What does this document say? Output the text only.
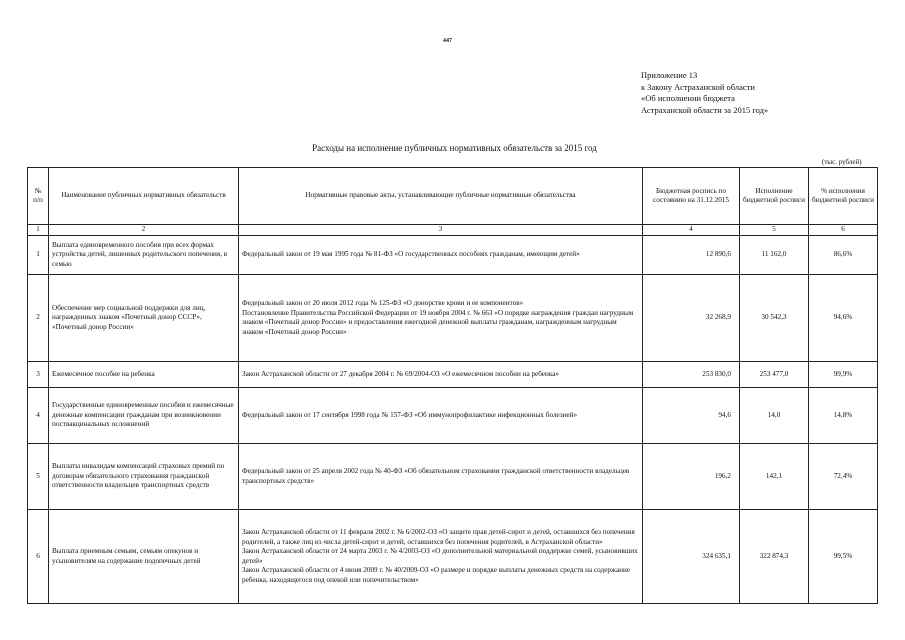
447
Приложение 13
к Закону Астраханской области
«Об исполнении бюджета
Астраханской области за 2015 год»
Расходы на исполнение публичных нормативных обязательств за 2015 год
(тыс. рублей)
№ п/п	Наименование публичных нормативных обязательств	Нормативные правовые акты, устанавливающие публичные нормативные обязательства	Бюджетная роспись по состоянию на 31.12.2015	Исполнение бюджетной росписи	% исполнения бюджетной росписи
1	2	3	4	5	6
1	Выплата единовременного пособия при всех формах устройства детей, лишенных родительского попечения, в семью	Федеральный закон от 19 мая 1995 года № 81-ФЗ «О государственных пособиях гражданам, имеющим детей»	12 890,6	11 162,0	86,6%
2	Обеспечение мер социальной поддержки для лиц, награжденных знаком «Почетный донор СССР», «Почетный донор России»	Федеральный закон от 20 июля 2012 года № 125-ФЗ «О донорстве крови и ее компонентов»
Постановление Правительства Российской Федерации от 19 ноября 2004 г. № 663 «О порядке награждения граждан нагрудным знаком «Почетный донор России» и предоставления ежегодной денежной выплаты гражданам, награжденным нагрудным знаком «Почетный донор России»	32 268,9	30 542,3	94,6%
3	Ежемесячное пособие на ребенка	Закон Астраханской области от 27 декабря 2004 г. № 69/2004-ОЗ «О ежемесячном пособии на ребенка»	253 830,0	253 477,0	99,9%
4	Государственные единовременные пособия и ежемесячные денежные компенсации гражданам при возникновении поствакцинальных осложнений	Федеральный закон от 17 сентября 1998 года № 157-ФЗ «Об иммунопрофилактике инфекционных болезней»	94,6	14,0	14,8%
5	Выплаты инвалидам компенсаций страховых премий по договорам обязательного страхования гражданской ответственности владельцев транспортных средств	Федеральный закон от 25 апреля 2002 года № 40-ФЗ «Об обязательном страховании гражданской ответственности владельцев транспортных средств»	196,2	142,1	72,4%
6	Выплата приемным семьям, семьям опекунов и усыновителям на содержание подопечных детей	Закон Астраханской области от 11 февраля 2002 г. № 6/2002-ОЗ «О защите прав детей-сирот и детей, оставшихся без попечения родителей, а также лиц из числа детей-сирот и детей, оставшихся без попечения родителей, в Астраханской области»
Закон Астраханской области от 24 марта 2003 г. № 4/2003-ОЗ «О дополнительной материальной поддержке семей, усыновивших детей»
Закон Астраханской области от 4 июня 2009 г. № 40/2009-ОЗ «О размере и порядке выплаты денежных средств на содержание ребенка, находящегося под опекой или попечительством»	324 635,1	322 874,3	99,5%
